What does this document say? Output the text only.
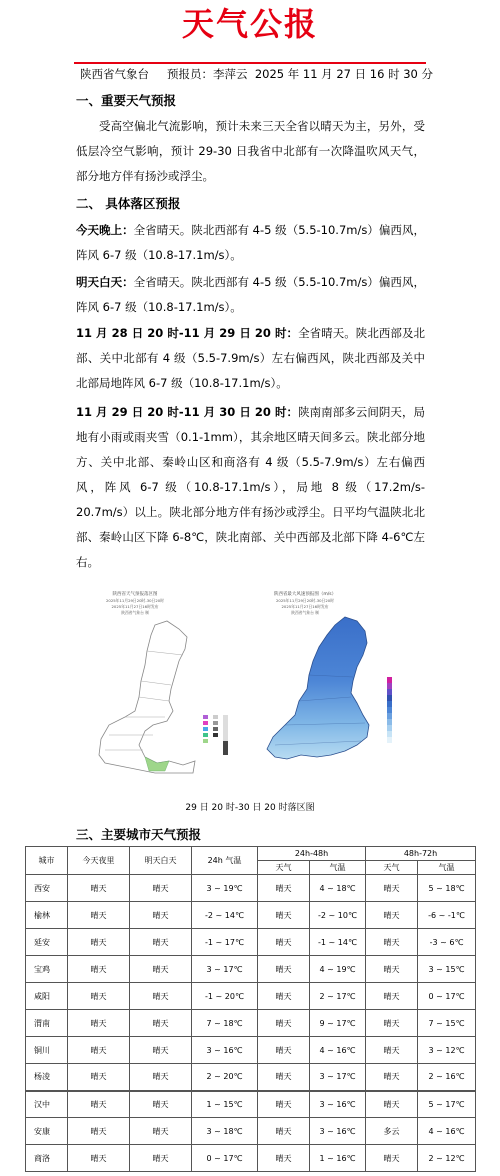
天气公报
陕西省气象台 预报员：李萍云 2025 年 11 月 27 日 16 时 30 分
一、重要天气预报
受高空偏北气流影响，预计未来三天全省以晴天为主，另外，受低层冷空气影响，预计 29-30 日我省中北部有一次降温吹风天气，部分地方伴有扬沙或浮尘。
二、 具体落区预报
今天晚上：全省晴天。陕北西部有 4-5 级（5.5-10.7m/s）偏西风，阵风 6-7 级（10.8-17.1m/s）。
明天白天：全省晴天。陕北西部有 4-5 级（5.5-10.7m/s）偏西风，阵风 6-7 级（10.8-17.1m/s）。
11 月 28 日 20 时-11 月 29 日 20 时：全省晴天。陕北西部及北部、关中北部有 4 级（5.5-7.9m/s）左右偏西风，陕北西部及关中北部局地阵风 6-7 级（10.8-17.1m/s）。
11 月 29 日 20 时-11 月 30 日 20 时：陕南南部多云间阴天，局地有小雨或雨夹雪（0.1-1mm），其余地区晴天间多云。陕北部分地方、关中北部、秦岭山区和商洛有 4 级（5.5-7.9m/s）左右偏西风，阵风 6-7 级（10.8-17.1m/s），局地 8 级（17.2m/s-20.7m/s）以上。陕北部分地方伴有扬沙或浮尘。日平均气温陕北北部、秦岭山区下降 6-8℃，陕北南部、关中西部及北部下降 4-6℃左右。
陕西省天气预报落区图
2025年11月29日20时-30日20时
2025年11月27日16时发布
陕西省气象台 制
陕西省最大风速预报图（m/s）
2025年11月29日20时-30日20时
2025年11月27日16时发布
陕西省气象台 制
29 日 20 时-30 日 20 时落区图
三、主要城市天气预报
城市	今天夜里	明天白天	24h 气温	24h-48h		48h-72h	
				天气	气温	天气	气温
西安	晴天	晴天	3 ~ 19℃	晴天	4 ~ 18℃	晴天	5 ~ 18℃
榆林	晴天	晴天	-2 ~ 14℃	晴天	-2 ~ 10℃	晴天	-6 ~ -1℃
延安	晴天	晴天	-1 ~ 17℃	晴天	-1 ~ 14℃	晴天	-3 ~ 6℃
宝鸡	晴天	晴天	3 ~ 17℃	晴天	4 ~ 19℃	晴天	3 ~ 15℃
咸阳	晴天	晴天	-1 ~ 20℃	晴天	2 ~ 17℃	晴天	0 ~ 17℃
渭南	晴天	晴天	7 ~ 18℃	晴天	9 ~ 17℃	晴天	7 ~ 15℃
铜川	晴天	晴天	3 ~ 16℃	晴天	4 ~ 16℃	晴天	3 ~ 12℃
杨凌	晴天	晴天	2 ~ 20℃	晴天	3 ~ 17℃	晴天	2 ~ 16℃
汉中	晴天	晴天	1 ~ 15℃	晴天	3 ~ 16℃	晴天	5 ~ 17℃
安康	晴天	晴天	3 ~ 18℃	晴天	3 ~ 16℃	多云	4 ~ 16℃
商洛	晴天	晴天	0 ~ 17℃	晴天	1 ~ 16℃	晴天	2 ~ 12℃
